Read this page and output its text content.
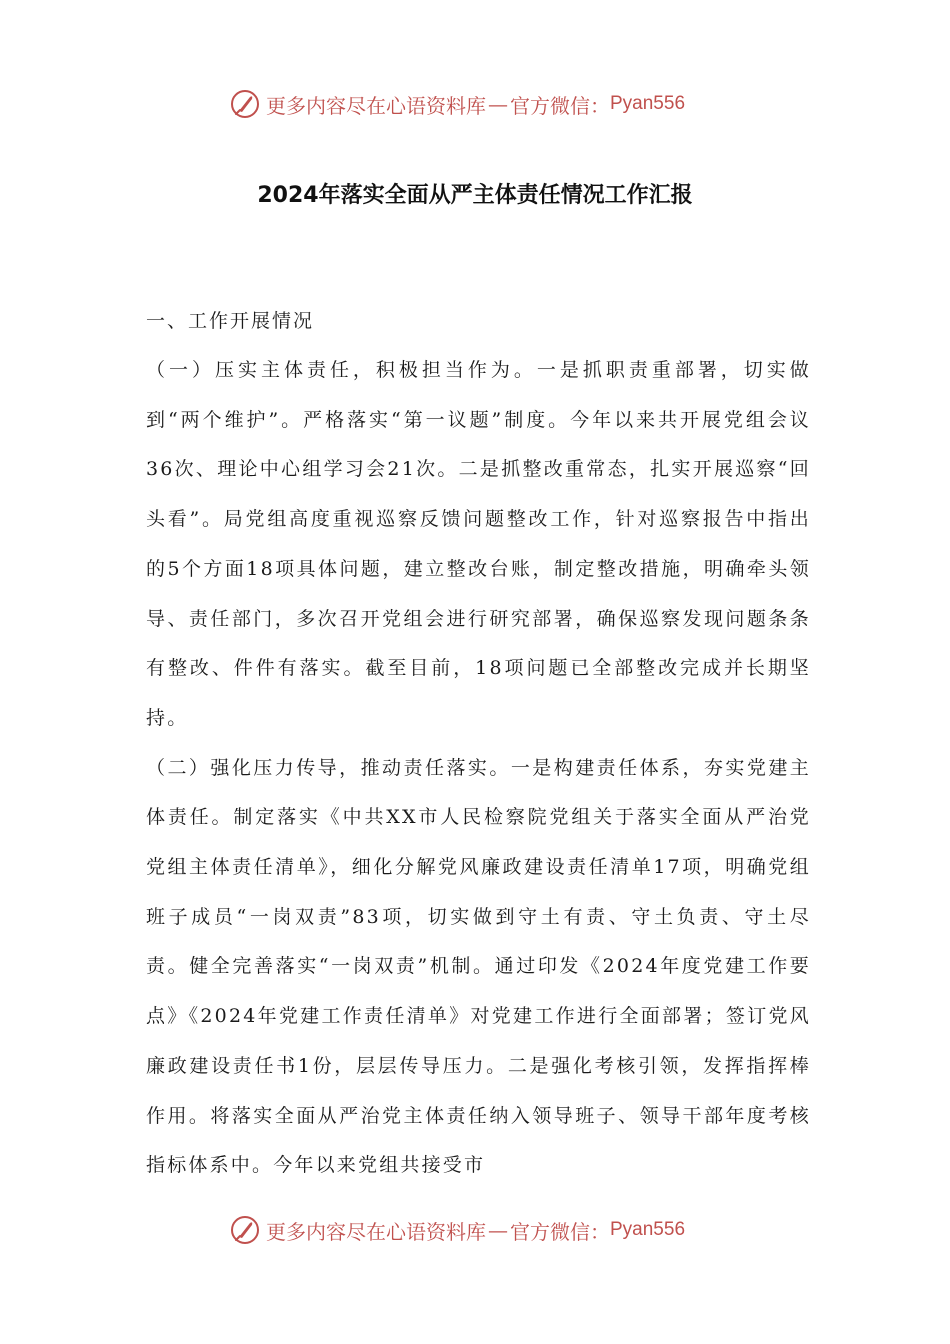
更多内容尽在心语资料库 — 官方微信： Pyan556
2024年落实全面从严主体责任情况工作汇报

一、工作开展情况

（一）压实主体责任，积极担当作为。一是抓职责重部署，切实做到“两个维护”。严格落实“第一议题”制度。今年以来共开展党组会议36次、理论中心组学习会21次。二是抓整改重常态，扎实开展巡察“回头看”。局党组高度重视巡察反馈问题整改工作，针对巡察报告中指出的5个方面18项具体问题，建立整改台账，制定整改措施，明确牵头领导、责任部门，多次召开党组会进行研究部署，确保巡察发现问题条条有整改、件件有落实。截至目前，18项问题已全部整改完成并长期坚持。

（二）强化压力传导，推动责任落实。一是构建责任体系，夯实党建主体责任。制定落实《中共XX市人民检察院党组关于落实全面从严治党党组主体责任清单》，细化分解党风廉政建设责任清单17项，明确党组班子成员“一岗双责”83项，切实做到守土有责、守土负责、守土尽责。健全完善落实“一岗双责”机制。通过印发《2024年度党建工作要点》《2024年党建工作责任清单》对党建工作进行全面部署；签订党风廉政建设责任书1份，层层传导压力。二是强化考核引领，发挥指挥棒作用。将落实全面从严治党主体责任纳入领导班子、领导干部年度考核指标体系中。今年以来党组共接受市

更多内容尽在心语资料库 — 官方微信： Pyan556
